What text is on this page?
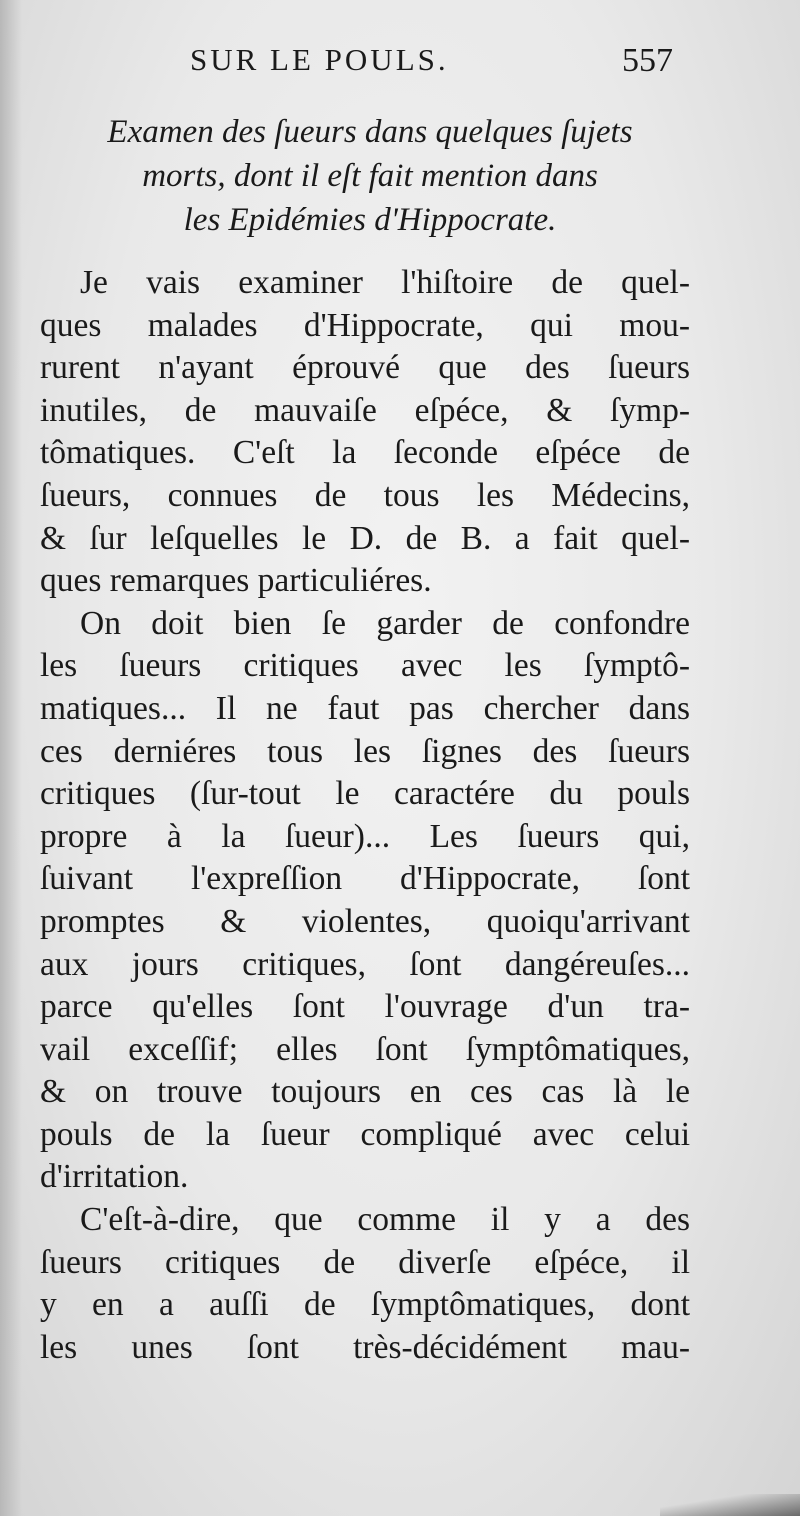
SUR LE POULS.	557
Examen des ſueurs dans quelques ſujets
morts, dont il eſt fait mention dans
les Epidémies d'Hippocrate.
Je vais examiner l'hiſtoire de quel-
ques malades d'Hippocrate, qui mou-
rurent n'ayant éprouvé que des ſueurs
inutiles, de mauvaiſe eſpéce, & ſymp-
tômatiques. C'eſt la ſeconde eſpéce de
ſueurs, connues de tous les Médecins,
& ſur leſquelles le D. de B. a fait quel-
ques remarques particuliéres.
On doit bien ſe garder de confondre
les ſueurs critiques avec les ſymptô-
matiques... Il ne faut pas chercher dans
ces derniéres tous les ſignes des ſueurs
critiques (ſur-tout le caractére du pouls
propre à la ſueur)... Les ſueurs qui,
ſuivant l'expreſſion d'Hippocrate, ſont
promptes & violentes, quoiqu'arrivant
aux jours critiques, ſont dangéreuſes...
parce qu'elles ſont l'ouvrage d'un tra-
vail exceſſif; elles ſont ſymptômatiques,
& on trouve toujours en ces cas là le
pouls de la ſueur compliqué avec celui
d'irritation.
C'eſt-à-dire, que comme il y a des
ſueurs critiques de diverſe eſpéce, il
y en a auſſi de ſymptômatiques, dont
les unes ſont très-décidément mau-
